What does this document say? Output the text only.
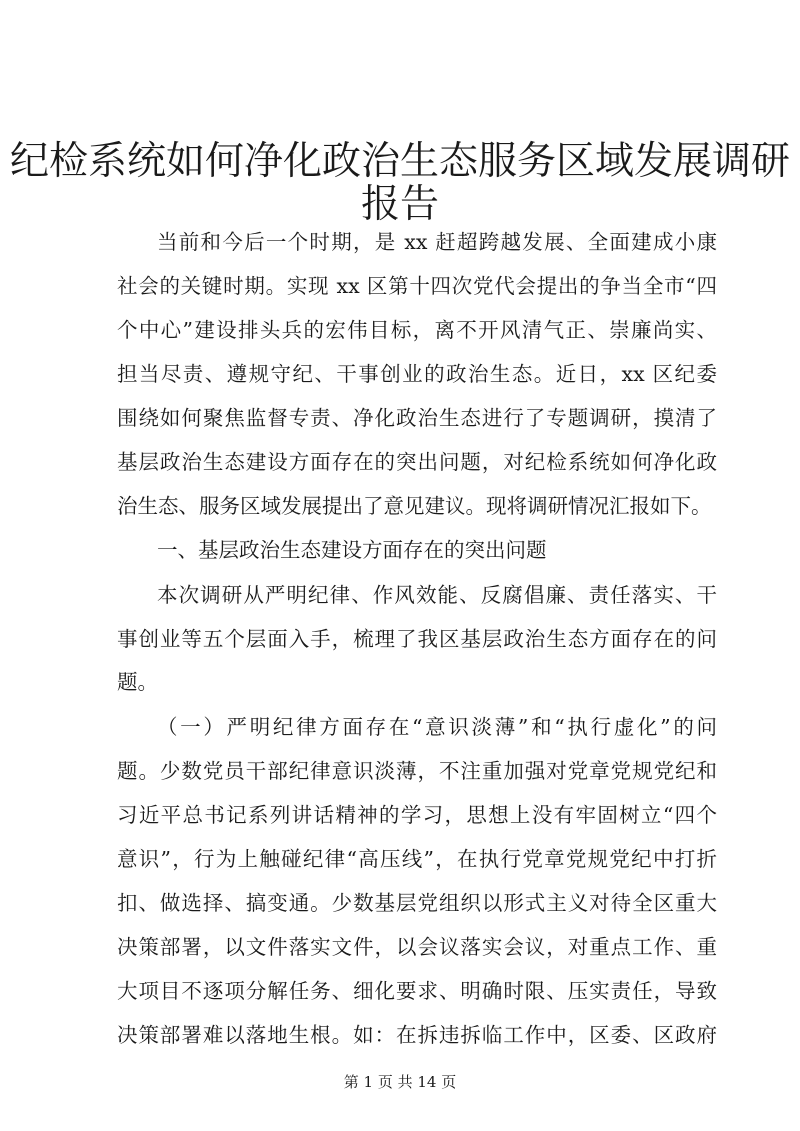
纪检系统如何净化政治生态服务区域发展调研
报告
当前和今后一个时期，是 xx 赶超跨越发展、全面建成小康
社会的关键时期。实现 xx 区第十四次党代会提出的争当全市“四
个中心”建设排头兵的宏伟目标，离不开风清气正、崇廉尚实、
担当尽责、遵规守纪、干事创业的政治生态。近日，xx 区纪委
围绕如何聚焦监督专责、净化政治生态进行了专题调研，摸清了
基层政治生态建设方面存在的突出问题，对纪检系统如何净化政
治生态、服务区域发展提出了意见建议。现将调研情况汇报如下。
一、基层政治生态建设方面存在的突出问题
本次调研从严明纪律、作风效能、反腐倡廉、责任落实、干
事创业等五个层面入手，梳理了我区基层政治生态方面存在的问
题。
（一）严明纪律方面存在“意识淡薄”和“执行虚化”的问
题。少数党员干部纪律意识淡薄，不注重加强对党章党规党纪和
习近平总书记系列讲话精神的学习，思想上没有牢固树立“四个
意识”，行为上触碰纪律“高压线”，在执行党章党规党纪中打折
扣、做选择、搞变通。少数基层党组织以形式主义对待全区重大
决策部署，以文件落实文件，以会议落实会议，对重点工作、重
大项目不逐项分解任务、细化要求、明确时限、压实责任，导致
决策部署难以落地生根。如：在拆违拆临工作中，区委、区政府
第 1 页 共 14 页
